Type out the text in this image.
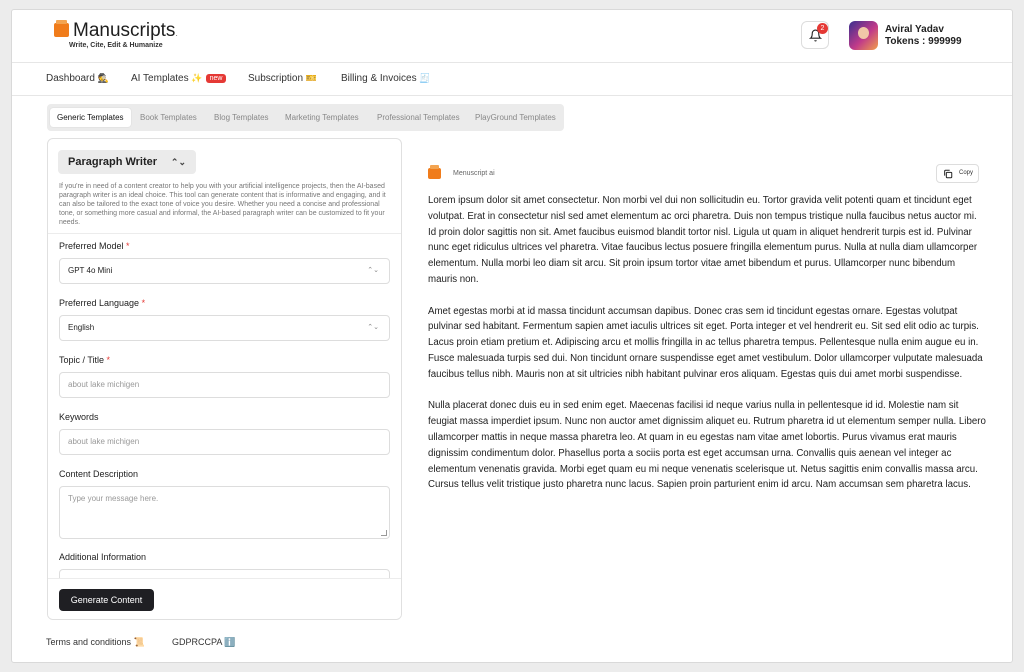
Manuscripts.
Write, Cite, Edit & Humanize
2	Aviral Yadav
Tokens : 999999
Dashboard 🕵 AI Templates ✨ new	Subscription 🎫 Billing & Invoices 🧾
Generic Templates	Book Templates Blog Templates Marketing Templates Professional Templates PlayGround Templates
Paragraph Writer ⌃⌄
If you're in need of a content creator to help you with your artificial intelligence projects, then the AI-based paragraph writer is an ideal choice. This tool can generate content that is informative and engaging, and it can also be tailored to the exact tone of voice you desire. Whether you need a concise and professional tone, or something more casual and informal, the AI-based paragraph writer can be customized to fit your needs.
Preferred Model *
GPT 4o Mini	⌃⌄
Preferred Language *
English	⌃⌄
Topic / Title *
about lake michigen
Keywords
about lake michigen
Content Description
Type your message here.
Additional Information
Generate Content
Menuscript ai	Copy

Lorem ipsum dolor sit amet consectetur. Non morbi vel dui non sollicitudin eu. Tortor gravida velit potenti quam et tincidunt eget volutpat. Erat in consectetur nisl sed amet elementum ac orci pharetra. Duis non tempus tristique nulla faucibus netus auctor mi. Id proin dolor sagittis non sit. Amet faucibus euismod blandit tortor nisl. Ligula ut quam in aliquet hendrerit turpis est id. Pulvinar nunc eget ridiculus ultrices vel pharetra. Vitae faucibus lectus posuere fringilla elementum purus. Nulla at nulla diam ullamcorper elementum. Nulla morbi leo diam sit arcu. Sit proin ipsum tortor vitae amet bibendum et purus. Ullamcorper nunc bibendum mauris non.

Amet egestas morbi at id massa tincidunt accumsan dapibus. Donec cras sem id tincidunt egestas ornare. Egestas volutpat pulvinar sed habitant. Fermentum sapien amet iaculis ultrices sit eget. Porta integer et vel hendrerit eu. Sit sed elit odio ac turpis. Lacus proin etiam pretium et. Adipiscing arcu et mollis fringilla in ac tellus pharetra tempus. Pellentesque nulla enim augue eu in.

Fusce malesuada turpis sed dui. Non tincidunt ornare suspendisse eget amet vestibulum. Dolor ullamcorper vulputate malesuada faucibus tellus nibh. Mauris non at sit ultricies nibh habitant pulvinar eros aliquam. Egestas quis dui amet morbi suspendisse.

Nulla placerat donec duis eu in sed enim eget. Maecenas facilisi id neque varius nulla in pellentesque id id. Molestie nam sit feugiat massa imperdiet ipsum. Nunc non auctor amet dignissim aliquet eu. Rutrum pharetra id ut elementum semper nulla. Libero ullamcorper mattis in neque massa pharetra leo. At quam in eu egestas nam vitae amet lobortis. Purus vivamus erat mauris dignissim condimentum dolor. Phasellus porta a sociis porta est eget accumsan urna. Convallis quis aenean vel integer ac elementum venenatis gravida. Morbi eget quam eu mi neque venenatis scelerisque ut. Netus sagittis enim convallis massa arcu. Cursus tellus velit tristique justo pharetra nunc lacus. Sapien proin parturient enim id arcu. Nam accumsan sem pharetra lacus.

Terms and conditions 📜	GDPRCCPA ℹ️
